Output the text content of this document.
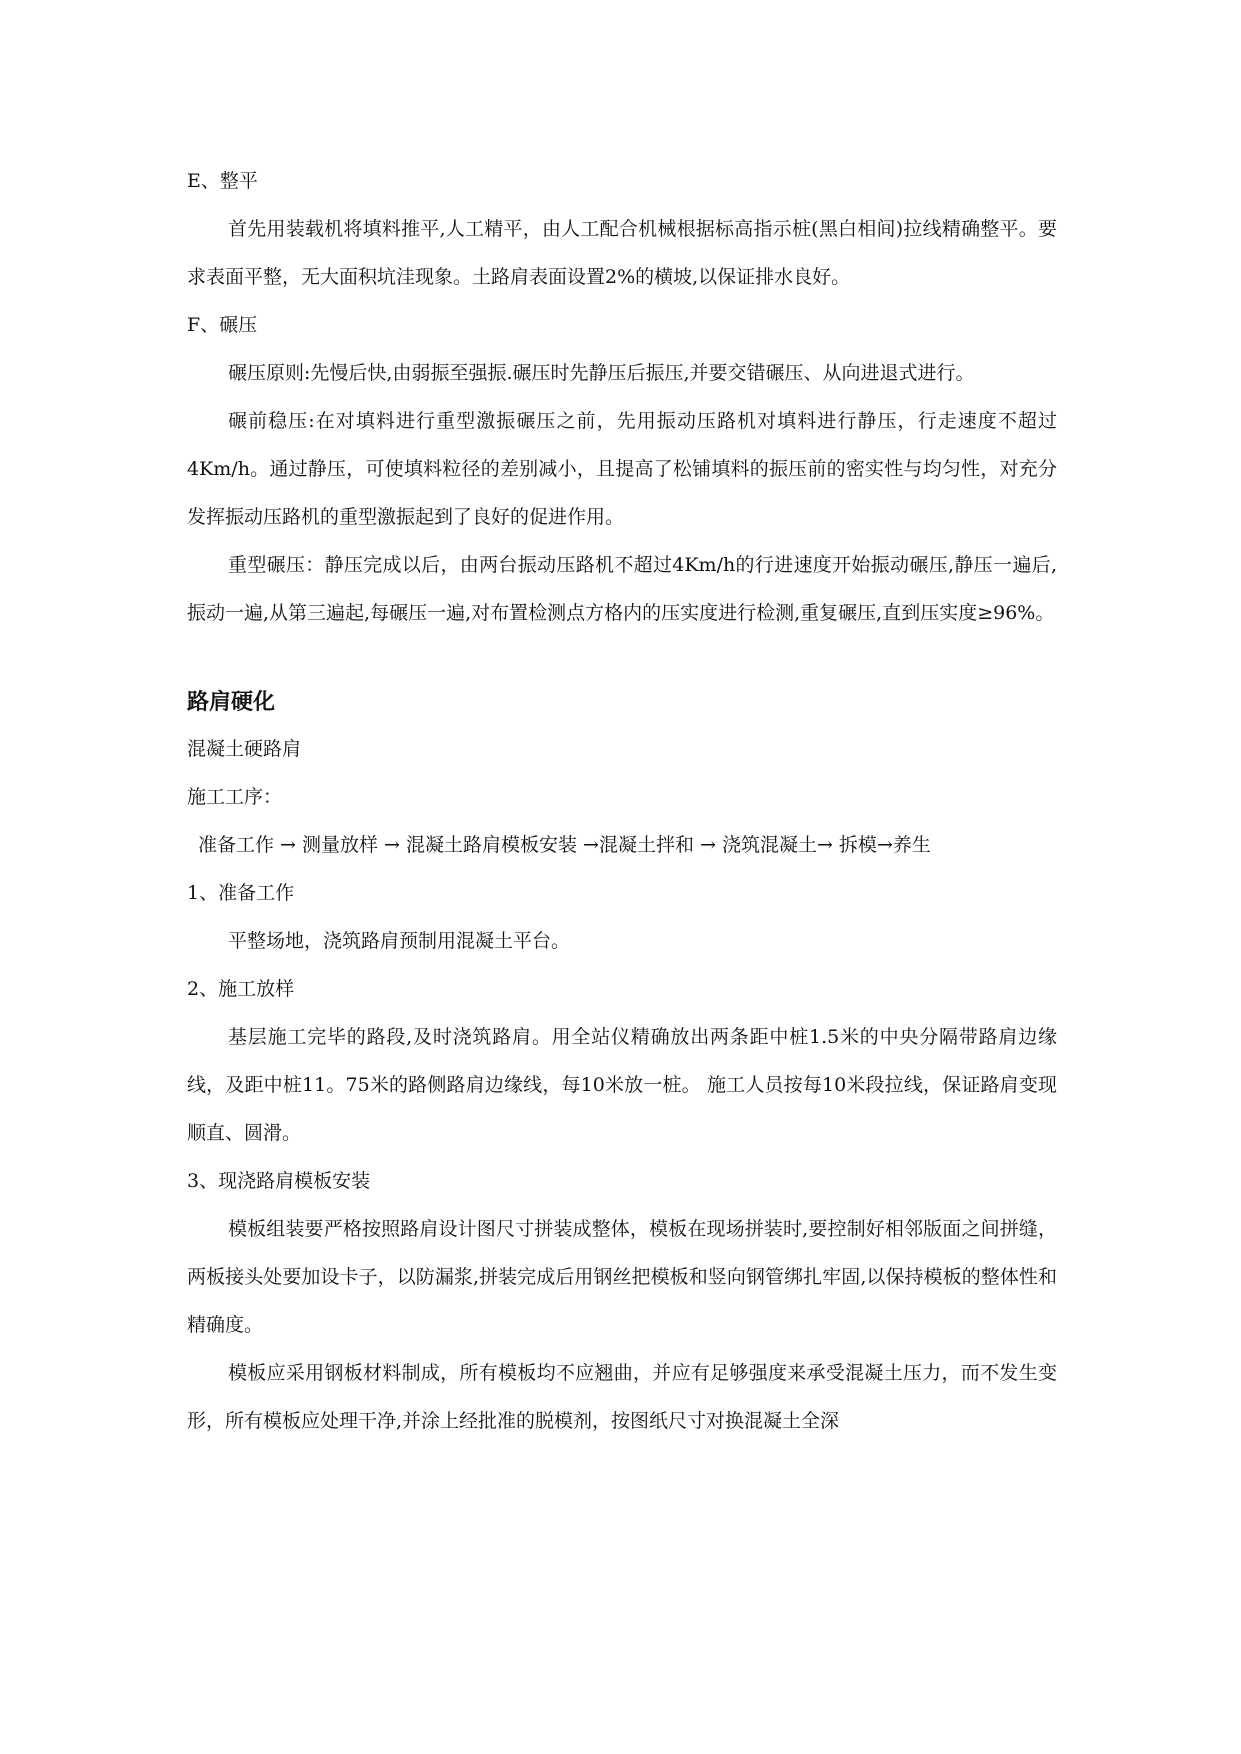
E、整平
首先用装载机将填料推平,人工精平，由人工配合机械根据标高指示桩(黑白相间)拉线精确整平。要求表面平整，无大面积坑洼现象。土路肩表面设置2%的横坡,以保证排水良好。
F、碾压
碾压原则:先慢后快,由弱振至强振.碾压时先静压后振压,并要交错碾压、从向进退式进行。
碾前稳压:在对填料进行重型激振碾压之前，先用振动压路机对填料进行静压，行走速度不超过4Km/h。通过静压，可使填料粒径的差别减小，且提高了松铺填料的振压前的密实性与均匀性，对充分发挥振动压路机的重型激振起到了良好的促进作用。
重型碾压：静压完成以后，由两台振动压路机不超过4Km/h的行进速度开始振动碾压,静压一遍后,振动一遍,从第三遍起,每碾压一遍,对布置检测点方格内的压实度进行检测,重复碾压,直到压实度≥96%。
路肩硬化
混凝土硬路肩
施工工序：
准备工作 → 测量放样 → 混凝土路肩模板安装 →混凝土拌和 → 浇筑混凝土→ 拆模→养生
1、准备工作
平整场地，浇筑路肩预制用混凝土平台。
2、施工放样
基层施工完毕的路段,及时浇筑路肩。用全站仪精确放出两条距中桩1.5米的中央分隔带路肩边缘线，及距中桩11。75米的路侧路肩边缘线，每10米放一桩。 施工人员按每10米段拉线，保证路肩变现顺直、圆滑。
3、现浇路肩模板安装
模板组装要严格按照路肩设计图尺寸拼装成整体，模板在现场拼装时,要控制好相邻版面之间拼缝，两板接头处要加设卡子，以防漏浆,拼装完成后用钢丝把模板和竖向钢管绑扎牢固,以保持模板的整体性和精确度。
模板应采用钢板材料制成，所有模板均不应翘曲，并应有足够强度来承受混凝土压力，而不发生变形，所有模板应处理干净,并涂上经批准的脱模剂，按图纸尺寸对换混凝土全深
